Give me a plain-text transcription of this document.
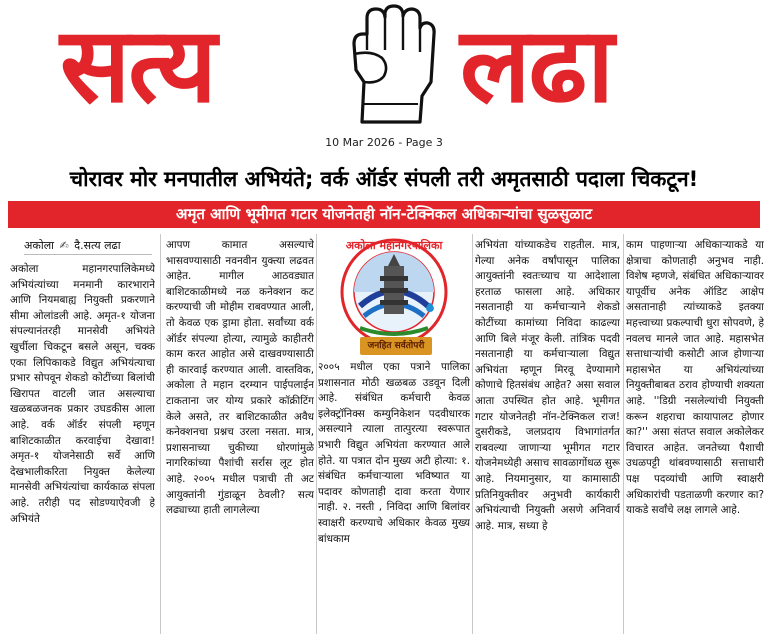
सत्य लढा
10 Mar 2026 - Page 3
चोरावर मोर मनपातील अभियंते; वर्क ऑर्डर संपली तरी अमृतसाठी पदाला चिकटून!
अमृत आणि भूमीगत गटार योजनेतही नॉन-टेक्निकल अधिकाऱ्यांचा सुळसुळाट
अकोला ✍ दै.सत्य लढा
अकोला महानगरपालिकेमध्ये अभियंत्यांच्या मनमानी कारभाराने आणि नियमबाह्य नियुक्ती प्रकरणाने सीमा ओलांडली आहे. अमृत-१ योजना संपल्यानंतरही मानसेवी अभियंते खुर्चीला चिकटून बसले असून, चक्क एका लिपिकाकडे विद्युत अभियंत्याचा प्रभार सोपवून शेकडो कोटींच्या बिलांची खिरापत वाटली जात असल्याचा खळबळजनक प्रकार उघडकीस आला आहे. वर्क ऑर्डर संपली म्हणून बाशिटकाळीत करवाईचा देखावा! अमृत-१ योजनेसाठी सर्वे आणि देखभालीकरिता नियुक्त केलेल्या मानसेवी अभियंत्यांचा कार्यकाळ संपला आहे. तरीही पद सोडण्याऐवजी हे अभियंते
आपण कामात असल्याचे भासवण्यासाठी नवनवीन युक्त्या लढवत आहेत. मागील आठवड्यात बाशिटकाळीमध्ये नळ कनेक्शन कट करण्याची जी मोहीम राबवण्यात आली, तो केवळ एक ड्रामा होता. सर्वांच्या वर्क ऑर्डर संपल्या होत्या, त्यामुळे काहीतरी काम करत आहोत असे दाखवण्यासाठी ही कारवाई करण्यात आली. वास्तविक, अकोला ते महान दरम्यान पाईपलाईन टाकताना जर योग्य प्रकारे कॉक्रीटिंग केले असते, तर बाशिटकाळीत अवैध कनेक्शनचा प्रश्नच उरला नसता. मात्र, प्रशासनाच्या चुकीच्या धोरणांमुळे नागरिकांच्या पैशांची सर्रास लूट होत आहे. २००५ मधील पत्राची ती अट आयुक्तांनी गुंडाळून ठेवली? सत्य लढ्याच्या हाती लागलेल्या
अकोला महानगरपालिका
जनहित सर्वतोपरी
२००५ मधील एका पत्राने पालिका प्रशासनात मोठी खळबळ उडवून दिली आहे. संबंधित कर्मचारी केवळ इलेक्ट्रॉनिक्स कम्युनिकेशन पदवीधारक असल्याने त्याला तात्पुरत्या स्वरूपात प्रभारी विद्युत अभियंता करण्यात आले होते. या पत्रात दोन मुख्य अटी होत्या: १. संबंधित कर्मचाऱ्याला भविष्यात या पदावर कोणताही दावा करता येणार नाही. २. नस्ती , निविदा आणि बिलांवर स्वाक्षरी करण्याचे अधिकार केवळ मुख्य बांधकाम
अभियंता यांच्याकडेच राहतील. मात्र, गेल्या अनेक वर्षांपासून पालिका आयुक्तांनी स्वतःच्याच या आदेशाला हरताळ फासला आहे. अधिकार नसतानाही या कर्मचाऱ्याने शेकडो कोटींच्या कामांच्या निविदा काढल्या आणि बिले मंजूर केली. तांत्रिक पदवी नसतानाही या कर्मचाऱ्याला विद्युत अभियंता म्हणून मिरवू देण्यामागे कोणाचे हितसंबंध आहेत? असा सवाल आता उपस्थित होत आहे. भूमीगत गटार योजनेतही नॉन-टेक्निकल राज! दुसरीकडे, जलप्रदाय विभागांतर्गत राबवल्या जाणाऱ्या भूमीगत गटार योजनेमध्येही असाच सावळागोंधळ सुरू आहे. नियमानुसार, या कामासाठी प्रतिनियुक्तीवर अनुभवी कार्यकारी अभियंत्याची नियुक्ती असणे अनिवार्य आहे. मात्र, सध्या हे
काम पाहणाऱ्या अधिकाऱ्याकडे या क्षेत्राचा कोणताही अनुभव नाही. विशेष म्हणजे, संबंधित अधिकाऱ्यावर यापूर्वीच अनेक ऑडिट आक्षेप असतानाही त्यांच्याकडे इतक्या महत्त्वाच्या प्रकल्पाची धुरा सोपवणे, हे नवलच मानले जात आहे. महासभेत सत्ताधाऱ्यांची कसोटी आज होणाऱ्या महासभेत या अभियंत्यांच्या नियुक्तीबाबत ठराव होण्याची शक्यता आहे. ''डिग्री नसलेल्यांची नियुक्ती करून शहराचा कायापालट होणार का?'' असा संतप्त सवाल अकोलेकर विचारत आहेत. जनतेच्या पैशाची उधळपट्टी थांबवण्यासाठी सत्ताधारी पक्ष पदव्यांची आणि स्वाक्षरी अधिकारांची पडताळणी करणार का? याकडे सर्वांचे लक्ष लागले आहे.
